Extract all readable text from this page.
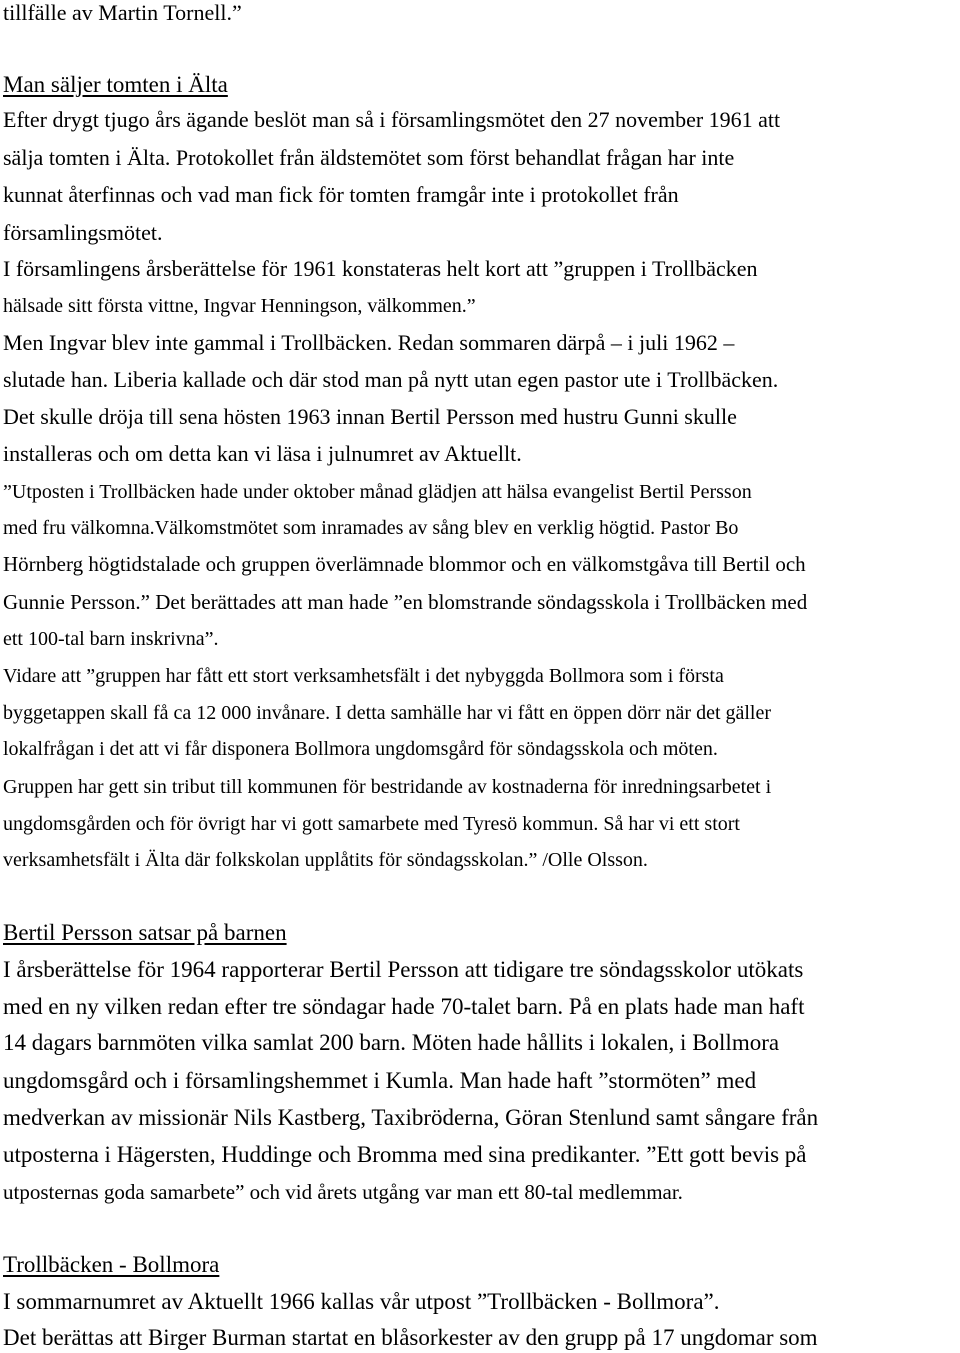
tillfälle av Martin Tornell.”
Man säljer tomten i Älta
Efter drygt tjugo års ägande beslöt man så i församlingsmötet den 27 november 1961 att
sälja tomten i Älta. Protokollet från äldstemötet som först behandlat frågan har inte
kunnat återfinnas och vad man fick för tomten framgår inte i protokollet från
församlingsmötet.
I församlingens årsberättelse för 1961 konstateras helt kort att ”gruppen i Trollbäcken
hälsade sitt första vittne, Ingvar Henningson, välkommen.”
Men Ingvar blev inte gammal i Trollbäcken. Redan sommaren därpå – i juli 1962 –
slutade han. Liberia kallade och där stod man på nytt utan egen pastor ute i Trollbäcken.
Det skulle dröja till sena hösten 1963 innan Bertil Persson med hustru Gunni skulle
installeras och om detta kan vi läsa i julnumret av Aktuellt.
”Utposten i Trollbäcken hade under oktober månad glädjen att hälsa evangelist Bertil Persson
med fru välkomna.Välkomstmötet som inramades av sång blev en verklig högtid. Pastor Bo
Hörnberg högtidstalade och gruppen överlämnade blommor och en välkomstgåva till Bertil och
Gunnie Persson.” Det berättades att man hade ”en blomstrande söndagsskola i Trollbäcken med
ett 100-tal barn inskrivna”.
Vidare att ”gruppen har fått ett stort verksamhetsfält i det nybyggda Bollmora som i första
byggetappen skall få ca 12 000 invånare. I detta samhälle har vi fått en öppen dörr när det gäller
lokalfrågan i det att vi får disponera Bollmora ungdomsgård för söndagsskola och möten.
Gruppen har gett sin tribut till kommunen för bestridande av kostnaderna för inredningsarbetet i
ungdomsgården och för övrigt har vi gott samarbete med Tyresö kommun. Så har vi ett stort
verksamhetsfält i Älta där folkskolan upplåtits för söndagsskolan.” /Olle Olsson.
Bertil Persson satsar på barnen
I årsberättelse för 1964 rapporterar Bertil Persson att tidigare tre söndagsskolor utökats
med en ny vilken redan efter tre söndagar hade 70-talet barn. På en plats hade man haft
14 dagars barnmöten vilka samlat 200 barn. Möten hade hållits i lokalen, i Bollmora
ungdomsgård och i församlingshemmet i Kumla. Man hade haft ”stormöten” med
medverkan av missionär Nils Kastberg, Taxibröderna, Göran Stenlund samt sångare från
utposterna i Hägersten, Huddinge och Bromma med sina predikanter. ”Ett gott bevis på
utposternas goda samarbete” och vid årets utgång var man ett 80-tal medlemmar.
Trollbäcken - Bollmora
I sommarnumret av Aktuellt 1966 kallas vår utpost ”Trollbäcken - Bollmora”.
Det berättas att Birger Burman startat en blåsorkester av den grupp på 17 ungdomar som
